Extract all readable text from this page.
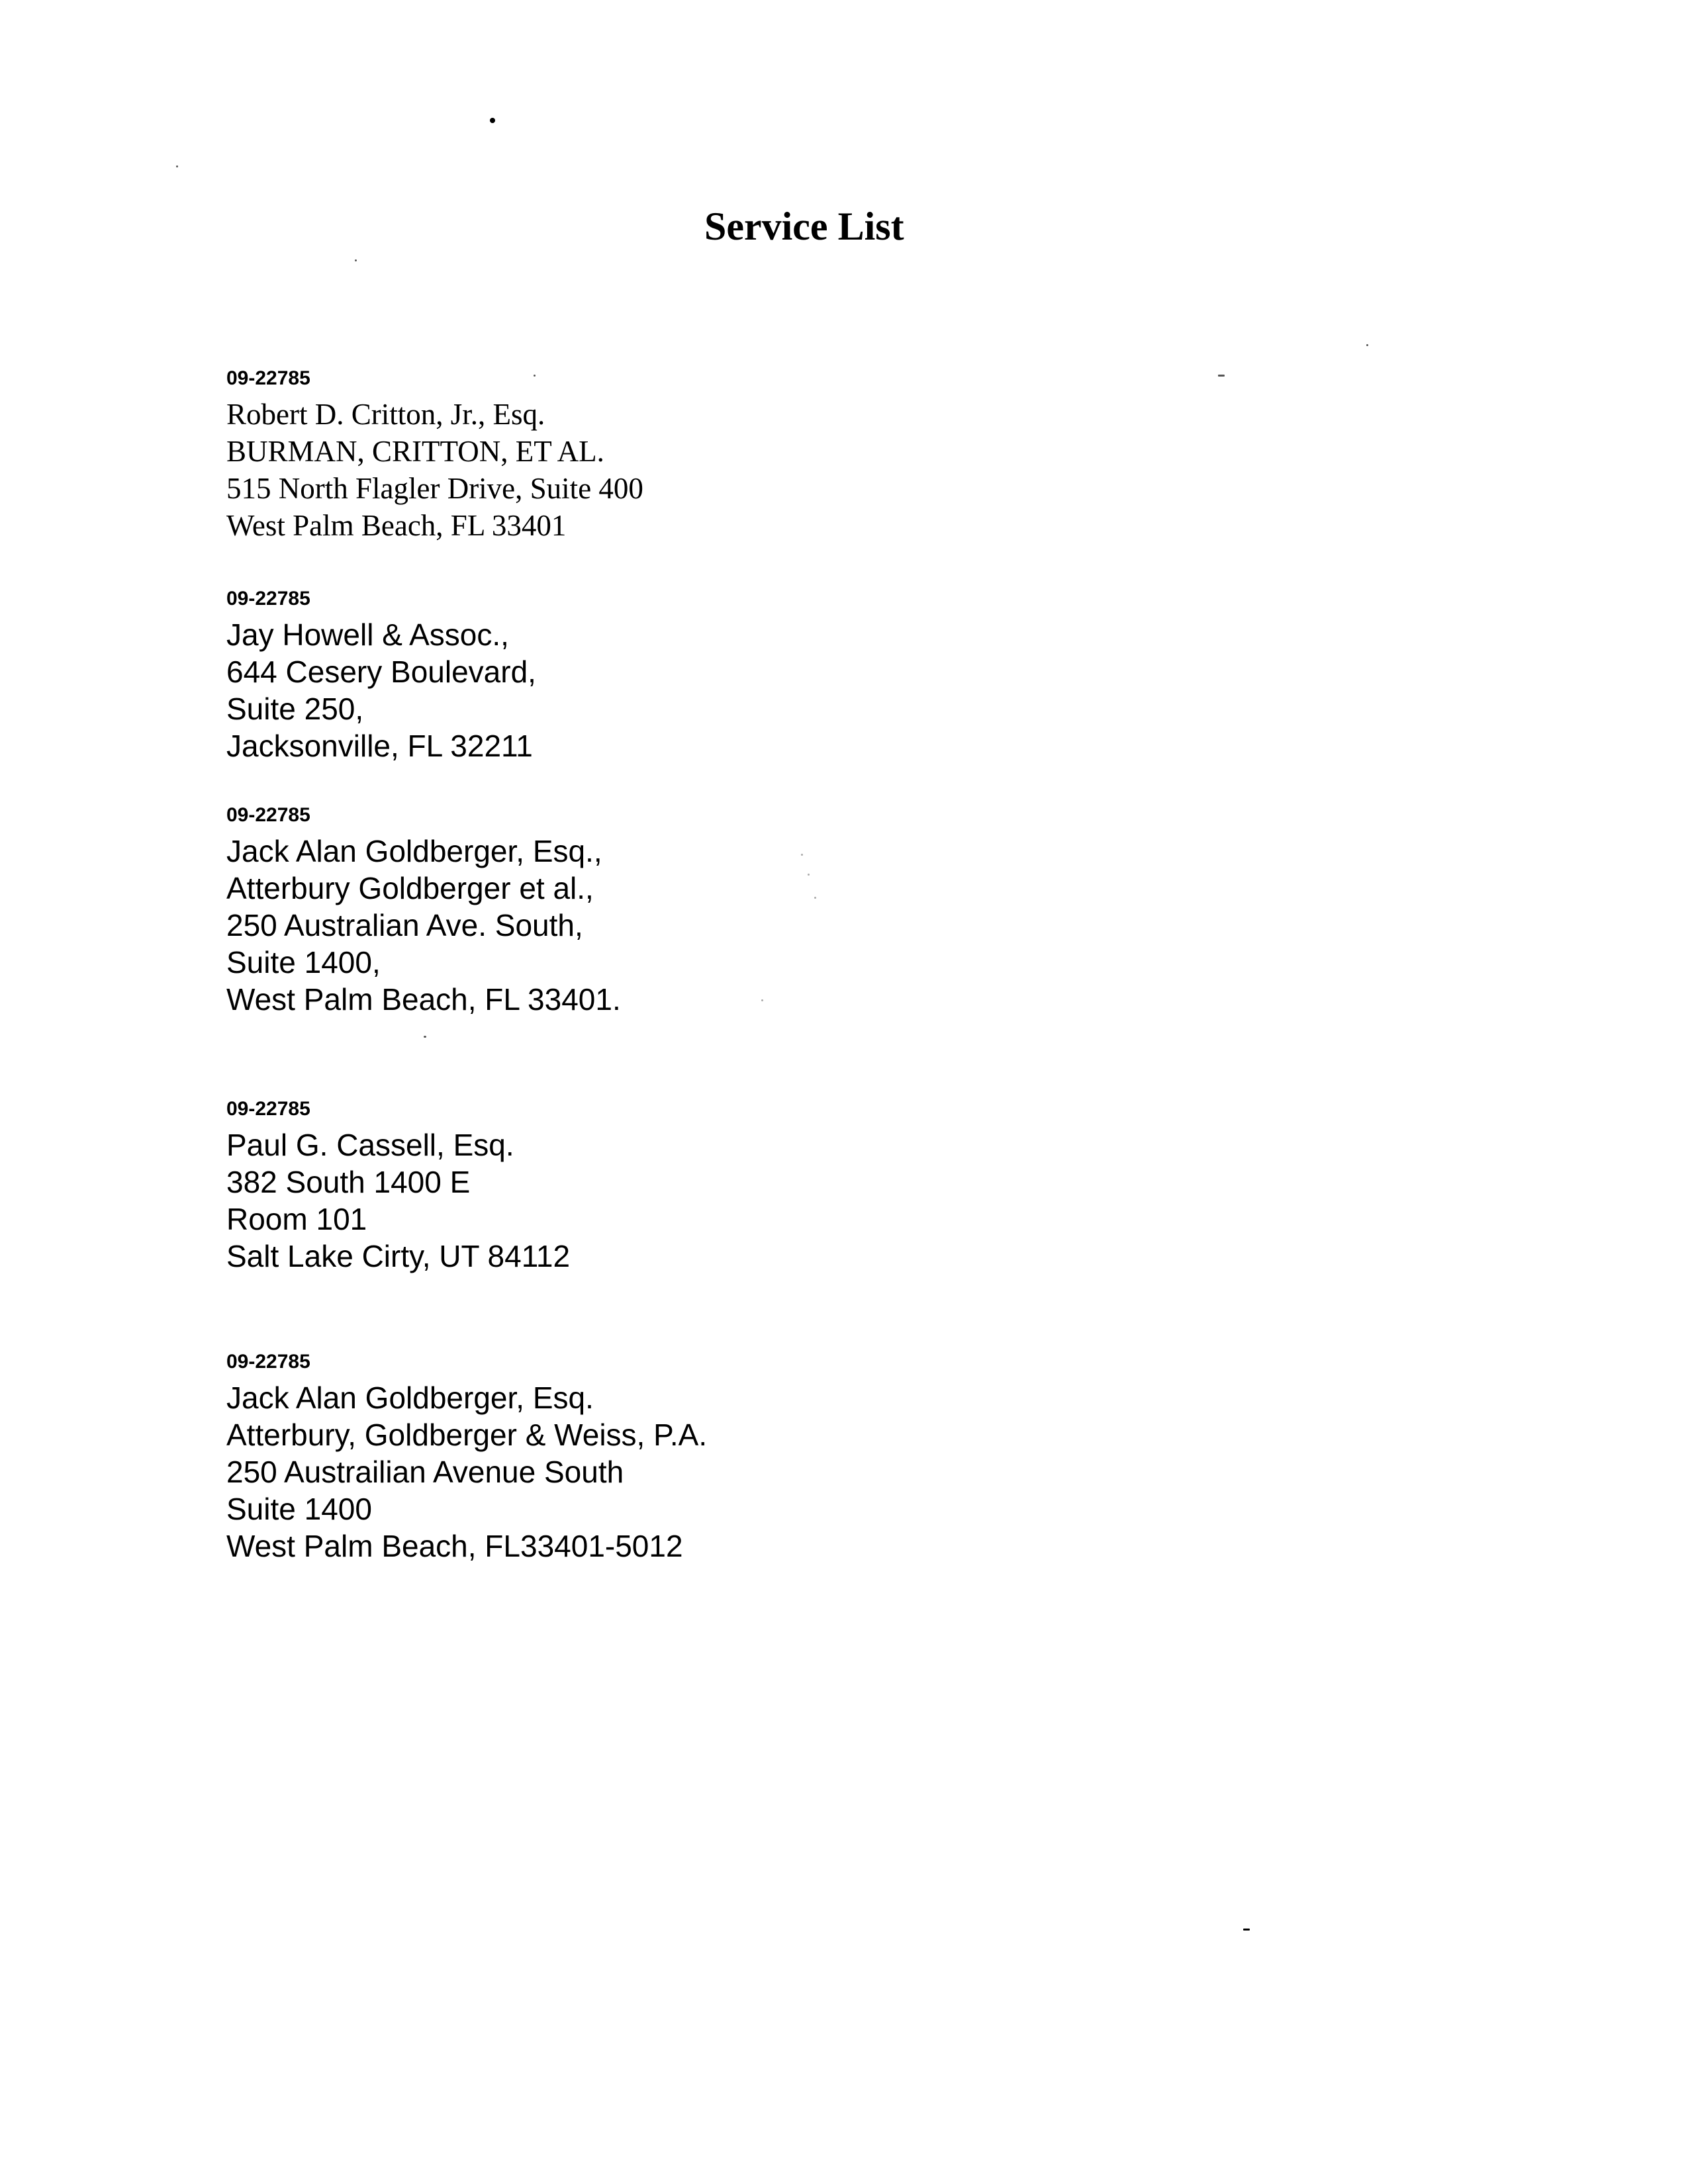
Service List
09-22785
Robert D. Critton, Jr., Esq.
BURMAN, CRITTON, ET AL.
515 North Flagler Drive, Suite 400
West Palm Beach, FL 33401
09-22785
Jay Howell & Assoc.,
644 Cesery Boulevard,
Suite 250,
Jacksonville, FL 32211
09-22785
Jack Alan Goldberger, Esq.,
Atterbury Goldberger et al.,
250 Australian Ave. South,
Suite 1400,
West Palm Beach, FL 33401.
09-22785
Paul G. Cassell, Esq.
382 South 1400 E
Room 101
Salt Lake Cirty, UT 84112
09-22785
Jack Alan Goldberger, Esq.
Atterbury, Goldberger & Weiss, P.A.
250 Austrailian Avenue South
Suite 1400
West Palm Beach, FL33401-5012
